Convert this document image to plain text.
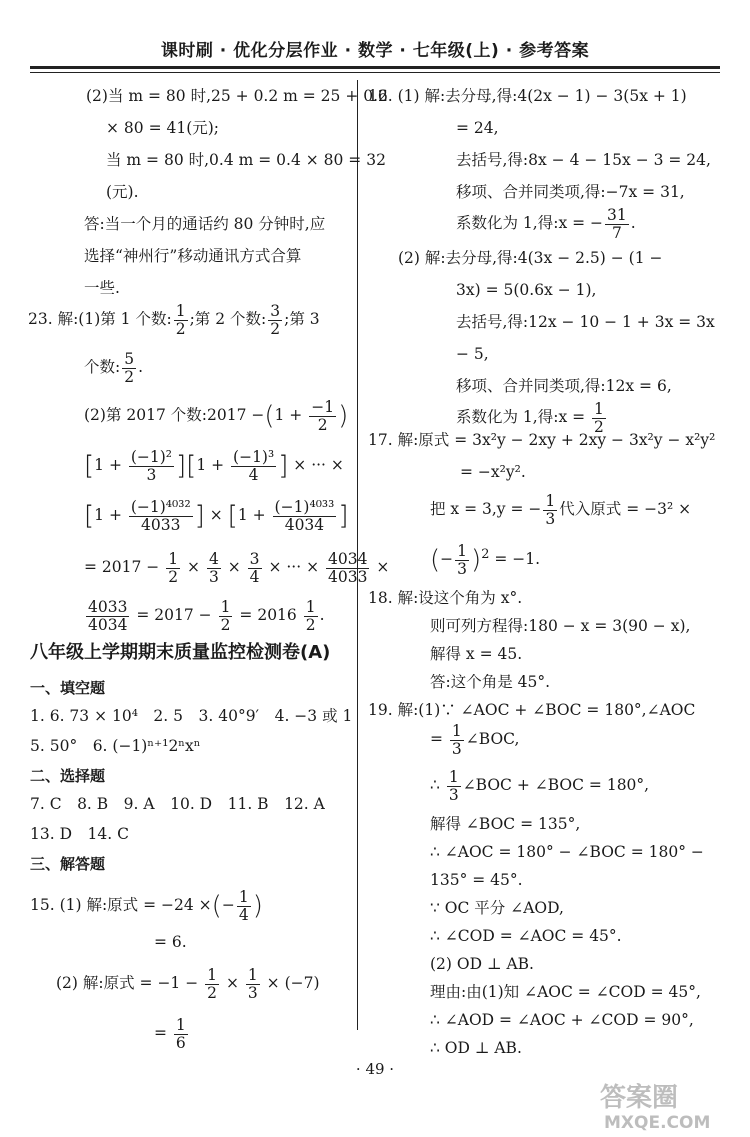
课时刷 · 优化分层作业 · 数学 · 七年级(上) · 参考答案
(2)当 m = 80 时,25 + 0.2 m = 25 + 0.2
× 80 = 41(元);
当 m = 80 时,0.4 m = 0.4 × 80 = 32
(元).
答:当一个月的通话约 80 分钟时,应
选择“神州行”移动通讯方式合算
一些.
23. 解:(1)第 1 个数: $\frac{1}{2}$ ;第 2 个数: $\frac{3}{2}$ ;第 3
个数: $\frac{5}{2}$ .
(2)第 2017 个数:2017 $-(1 + \frac{-1}{2}$ )
$[1 + \frac{\text{(−1)²}}{3} ][1 + \frac{\text{(−1)³}}{4}$ ] × ··· ×
[$1 + \frac{\text{(−1)⁴⁰³²}}{4033}$ ] × [$1 + \frac{\text{(−1)⁴⁰³³}}{4034}$ ]
= $2017 - \frac{1}{2} \times \frac{4}{3} \times \frac{3}{4}$ × ··· × $\frac{4034}{4033}$ ×
$\frac{4033}{4034} = 2017 - \frac{1}{2} = 2016 \frac{1}{2}$ .
八年级上学期期末质量监控检测卷(A)
一、填空题
1. 6. 73 × 10⁴　2. 5　3. 40°9′　4. −3 或 1
5. 50°　6. (−1)ⁿ⁺¹2ⁿxⁿ
二、选择题
7. C　8. B　9. A　10. D　11. B　12. A
13. D　14. C
三、解答题
15. (1) 解:原式 = −24 ×(− $\frac{1}{4}$ )
= 6.
(2) 解:原式 = $-1 - \frac{1}{2} \times \frac{1}{3} \times (-7)$
= $\frac{1}{6}$
16. (1) 解:去分母,得:4(2x − 1) − 3(5x + 1)
= 24,
去括号,得:8x − 4 − 15x − 3 = 24,
移项、合并同类项,得:−7x = 31,
系数化为 1,得:x = − $\frac{31}{7}$ .
(2) 解:去分母,得:4(3x − 2.5) − (1 −
3x) = 5(0.6x − 1),
去括号,得:12x − 10 − 1 + 3x = 3x
− 5,
移项、合并同类项,得:12x = 6,
系数化为 1,得:x = $\frac{1}{2}$
17. 解:原式 = 3x²y − 2xy + 2xy − 3x²y − x²y²
= −x²y².
把 x = 3,y = − $\frac{1}{3}$ 代入原式 = −3² ×
(− $\frac{1}{3} )^2 = -1$.
18. 解:设这个角为 x°.
则可列方程得:180 − x = 3(90 − x),
解得 x = 45.
答:这个角是 45°.
19. 解:(1)∵ ∠AOC + ∠BOC = 180°,∠AOC
= $\frac{1}{3}$ ∠BOC,
∴ $\frac{1}{3}$ ∠BOC + ∠BOC = 180°,
解得 ∠BOC = 135°,
∴ ∠AOC = 180° − ∠BOC = 180° −
135° = 45°.
∵ OC 平分 ∠AOD,
∴ ∠COD = ∠AOC = 45°.
(2) OD ⊥ AB.
理由:由(1)知 ∠AOC = ∠COD = 45°,
∴ ∠AOD = ∠AOC + ∠COD = 90°,
∴ OD ⊥ AB.
· 49 ·
答案圈
MXQE.COM
